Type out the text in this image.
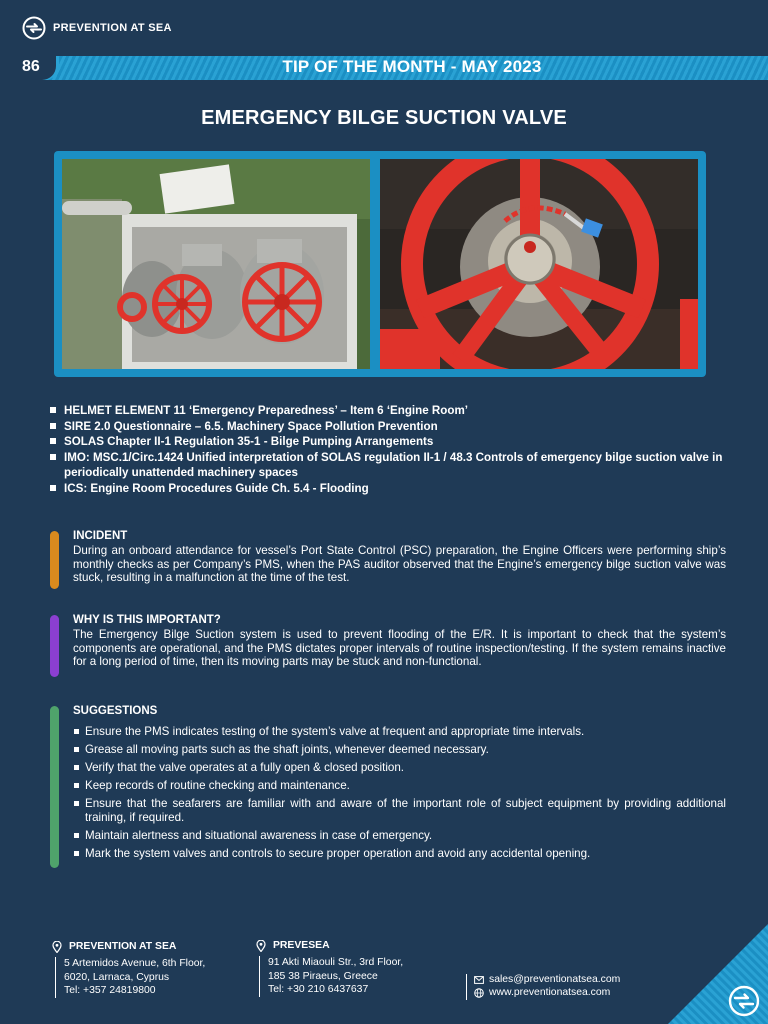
PREVENTION AT SEA
86	TIP OF THE MONTH - MAY 2023
EMERGENCY BILGE SUCTION VALVE
HELMET ELEMENT 11 ‘Emergency Preparedness’ – Item 6 ‘Engine Room’
SIRE 2.0 Questionnaire – 6.5. Machinery Space Pollution Prevention
SOLAS Chapter II-1 Regulation 35-1 - Bilge Pumping Arrangements
IMO: MSC.1/Circ.1424 Unified interpretation of SOLAS regulation II-1 / 48.3 Controls of emergency bilge suction valve in periodically unattended machinery spaces
ICS: Engine Room Procedures Guide Ch. 5.4 - Flooding
INCIDENT
During an onboard attendance for vessel’s Port State Control (PSC) preparation, the Engine Officers were performing ship’s monthly checks as per Company’s PMS, when the PAS auditor observed that the Engine’s emergency bilge suction valve was stuck, resulting in a malfunction at the time of the test.
WHY IS THIS IMPORTANT?
The Emergency Bilge Suction system is used to prevent flooding of the E/R. It is important to check that the system’s components are operational, and the PMS dictates proper intervals of routine inspection/testing. If the system remains inactive for a long period of time, then its moving parts may be stuck and non-functional.
SUGGESTIONS
Ensure the PMS indicates testing of the system’s valve at frequent and appropriate time intervals.
Grease all moving parts such as the shaft joints, whenever deemed necessary.
Verify that the valve operates at a fully open & closed position.
Keep records of routine checking and maintenance.
Ensure that the seafarers are familiar with and aware of the important role of subject equipment by providing additional training, if required.
Maintain alertness and situational awareness in case of emergency.
Mark the system valves and controls to secure proper operation and avoid any accidental opening.
PREVENTION AT SEA
5 Artemidos Avenue, 6th Floor,
6020, Larnaca, Cyprus
Tel: +357 24819800
PREVESEA
91 Akti Miaouli Str., 3rd Floor,
185 38 Piraeus, Greece
Tel: +30 210 6437637
sales@preventionatsea.com
www.preventionatsea.com
